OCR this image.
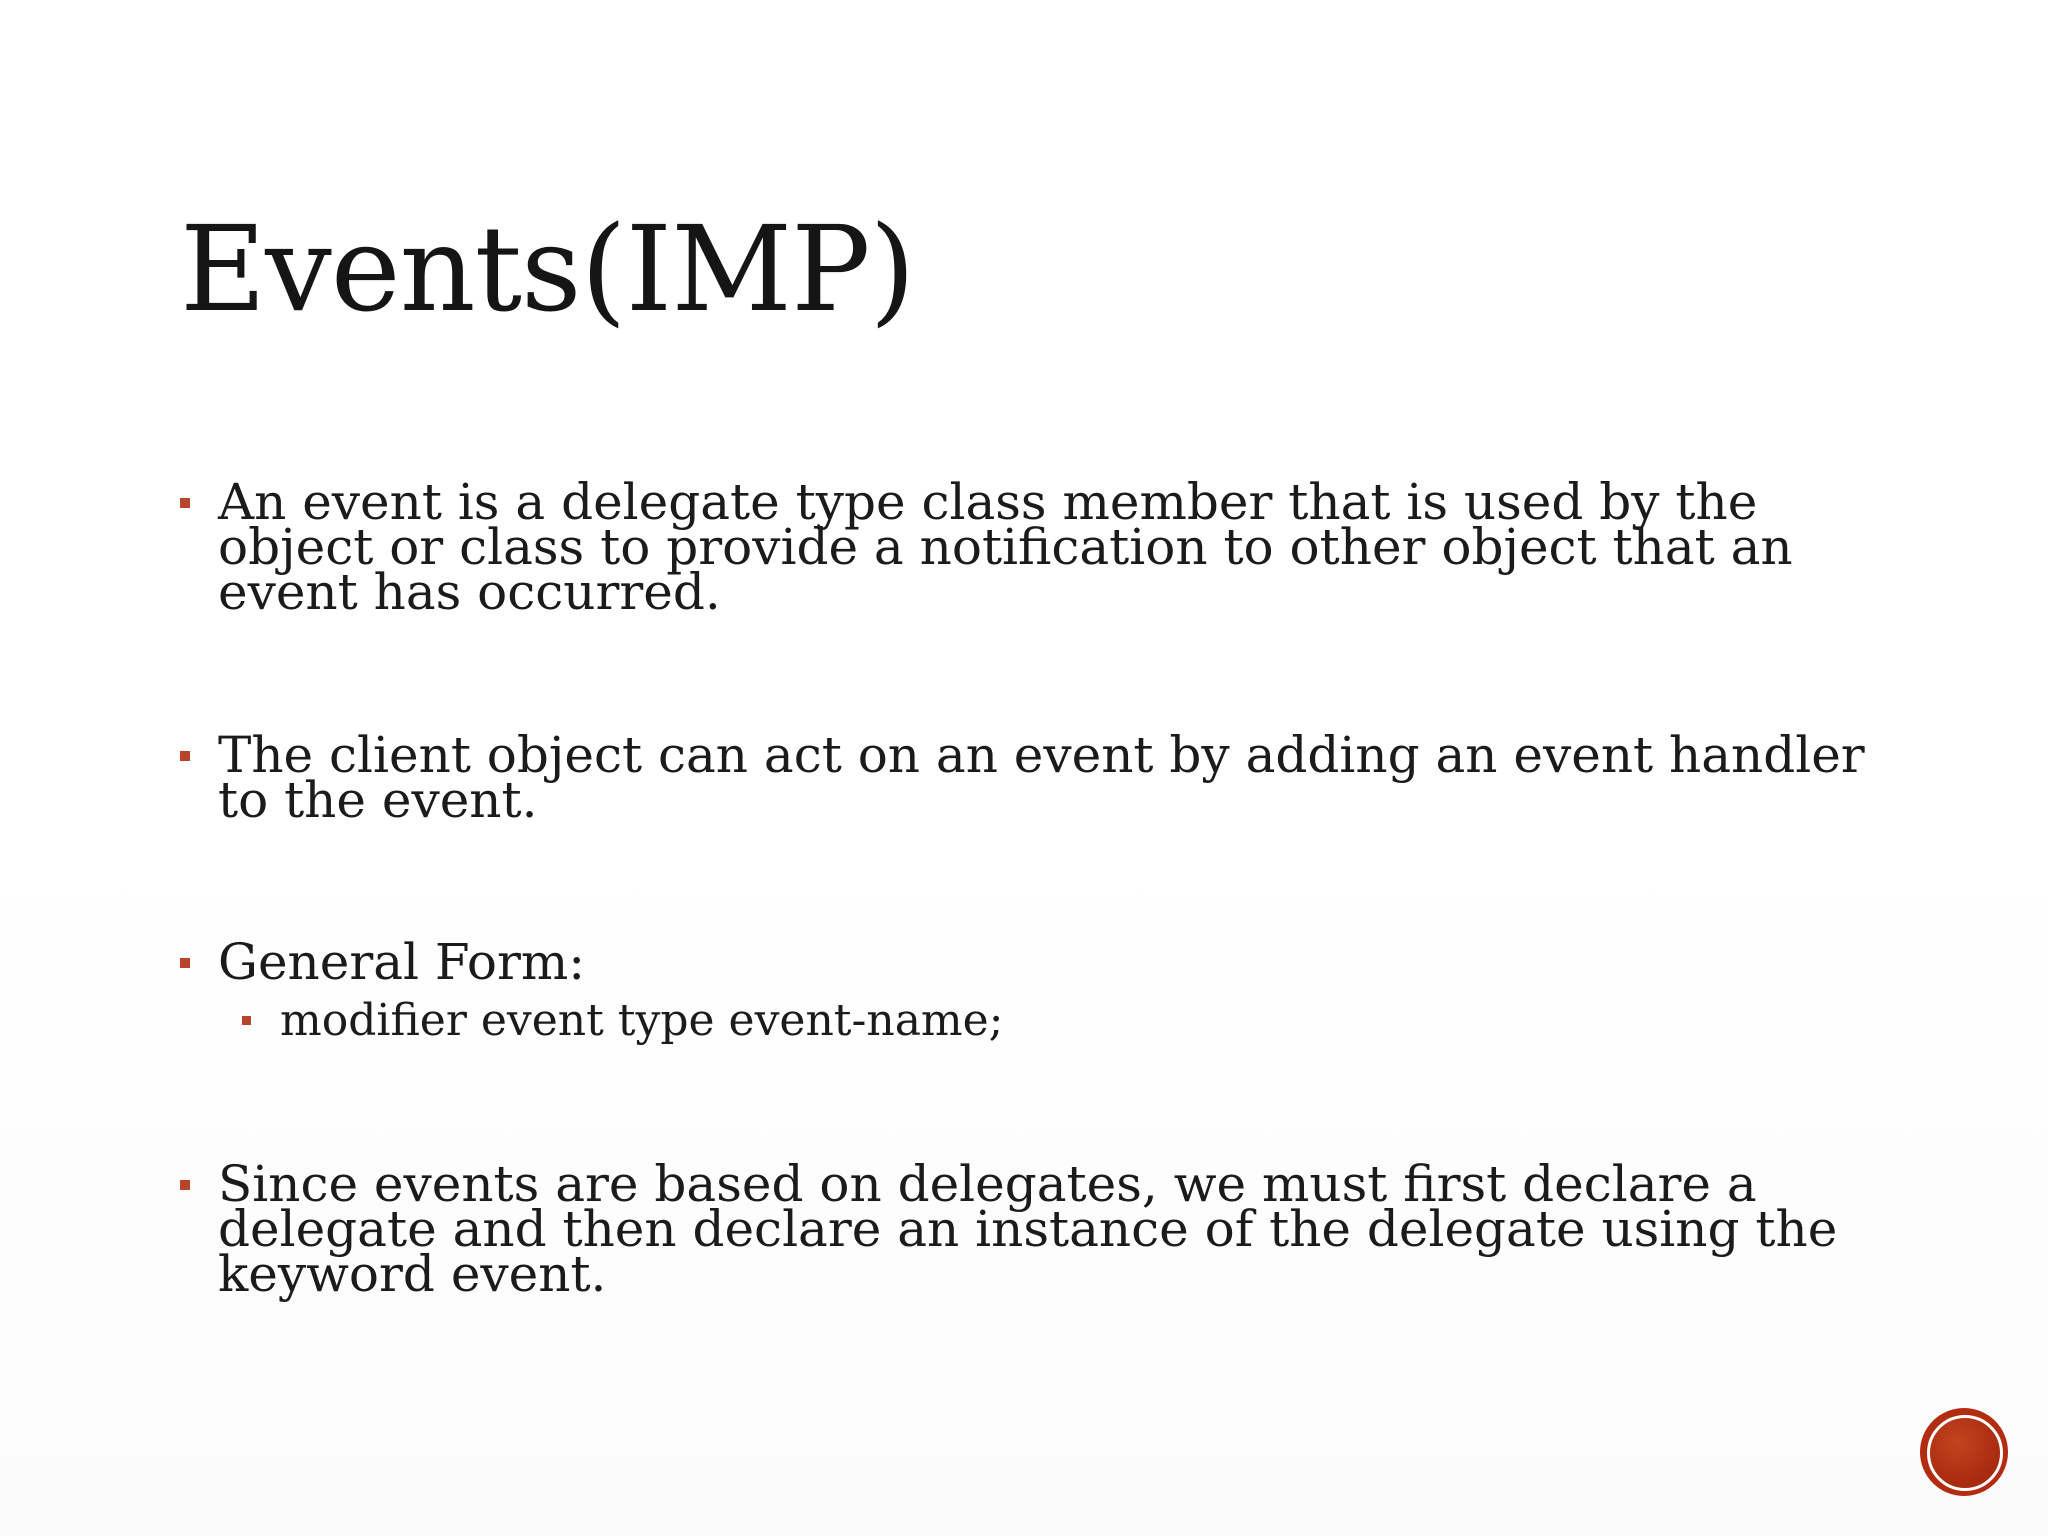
Events(IMP)
An event is a delegate type class member that is used by the object or class to provide a notification to other object that an event has occurred.
The client object can act on an event by adding an event handler to the event.
General Form:
modifier event type event-name;
Since events are based on delegates, we must first declare a delegate and then declare an instance of the delegate using the keyword event.
